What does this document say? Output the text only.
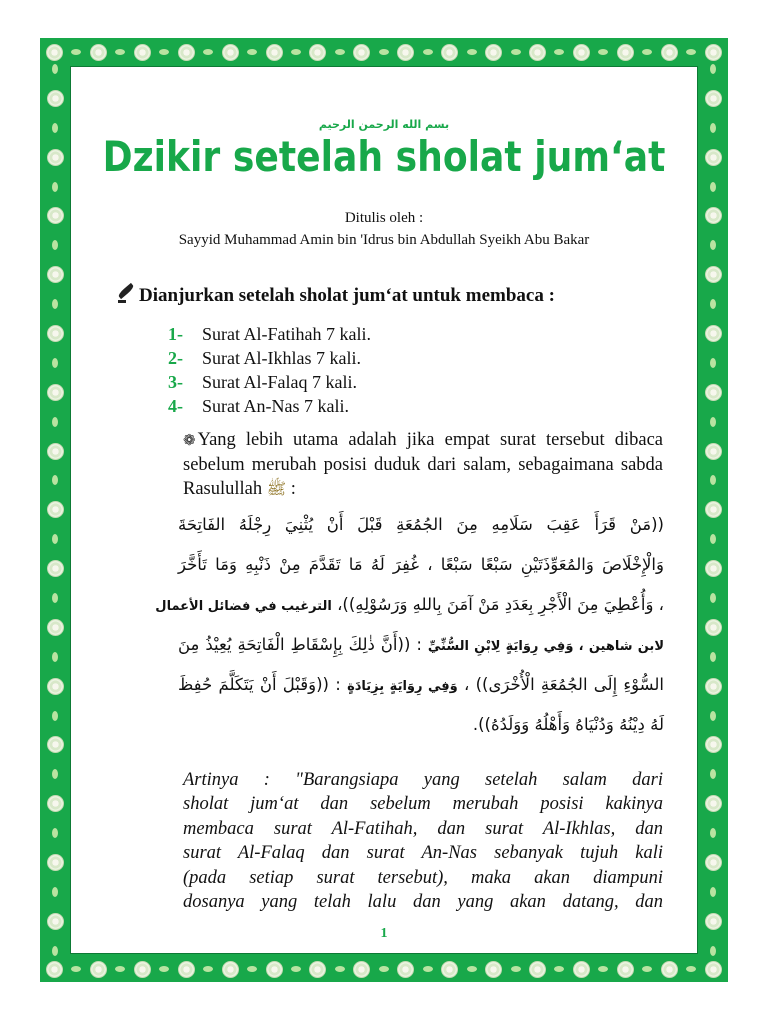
بسم الله الرحمن الرحيم
Dzikir setelah sholat jum‘at
Ditulis oleh :
Sayyid Muhammad Amin bin 'Idrus bin Abdullah Syeikh Abu Bakar
Dianjurkan setelah sholat jum‘at untuk membaca :
1-	Surat Al-Fatihah 7 kali.
2-	Surat Al-Ikhlas 7 kali.
3-	Surat Al-Falaq 7 kali.
4-	Surat An-Nas 7 kali.
❁ Yang lebih utama adalah jika empat surat tersebut dibaca sebelum merubah posisi duduk dari salam, sebagaimana sabda Rasulullah ﷺ :
((مَنْ قَرَأَ عَقِبَ سَلَامِهِ مِنَ الجُمُعَةِ قَبْلَ أَنْ يُثْنِيَ رِجْلَهُ الفَاتِحَةَ
وَالْإِخْلَاصَ وَالمُعَوِّذَتَيْنِ سَبْعًا سَبْعًا ، غُفِرَ لَهُ مَا تَقَدَّمَ مِنْ ذَنْبِهِ وَمَا تَأَخَّرَ
، وَأُعْطِيَ مِنَ الْأَجْرِ بِعَدَدِ مَنْ آمَنَ بِاللهِ وَرَسُوْلِهِ))، الترغيب في فضائل الأعمال
لابن شاهين ، وَفِي رِوَايَةٍ لِابْنِ السُّنِّيِّ : ((أَنَّ ذٰلِكَ بِإِسْقَاطِ الْفَاتِحَةِ يُعِيْذُ مِنَ
السُّوْءِ إِلَى الجُمُعَةِ الْأُخْرَى)) ، وَفِي رِوَايَةٍ بِزِيَادَةٍ : ((وَقَبْلَ أَنْ يَتَكَلَّمَ حُفِظَ
لَهُ دِيْنُهُ وَدُنْيَاهُ وَأَهْلُهُ وَوَلَدُهُ)).
Artinya : "Barangsiapa yang setelah salam dari
sholat jum‘at dan sebelum merubah posisi kakinya
membaca surat Al-Fatihah, dan surat Al-Ikhlas, dan
surat Al-Falaq dan surat An-Nas sebanyak tujuh kali
(pada setiap surat tersebut), maka akan diampuni
dosanya yang telah lalu dan yang akan datang, dan
1
